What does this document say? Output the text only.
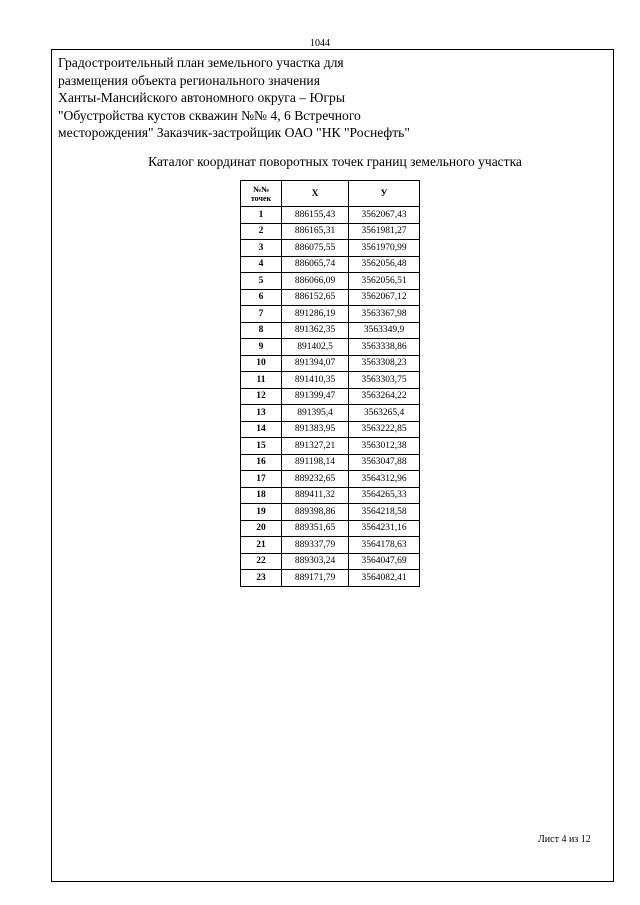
1044
Градостроительный план земельного участка для
размещения объекта регионального значения
Ханты-Мансийского автономного округа – Югры
"Обустройства кустов скважин №№ 4, 6 Встречного
месторождения" Заказчик-застройщик ОАО "НК "Роснефть"
Каталог координат поворотных точек границ земельного участка
№№
точек	X	У
1	886155,43	3562067,43
2	886165,31	3561981,27
3	886075,55	3561970,99
4	886065,74	3562056,48
5	886066,09	3562056,51
6	886152,65	3562067,12
7	891286,19	3563367,98
8	891362,35	3563349,9
9	891402,5	3563338,86
10	891394,07	3563308,23
11	891410,35	3563303,75
12	891399,47	3563264,22
13	891395,4	3563265,4
14	891383,95	3563222,85
15	891327,21	3563012,38
16	891198,14	3563047,88
17	889232,65	3564312,96
18	889411,32	3564265,33
19	889398,86	3564218,58
20	889351,65	3564231,16
21	889337,79	3564178,63
22	889303,24	3564047,69
23	889171,79	3564082,41
Лист 4 из 12
